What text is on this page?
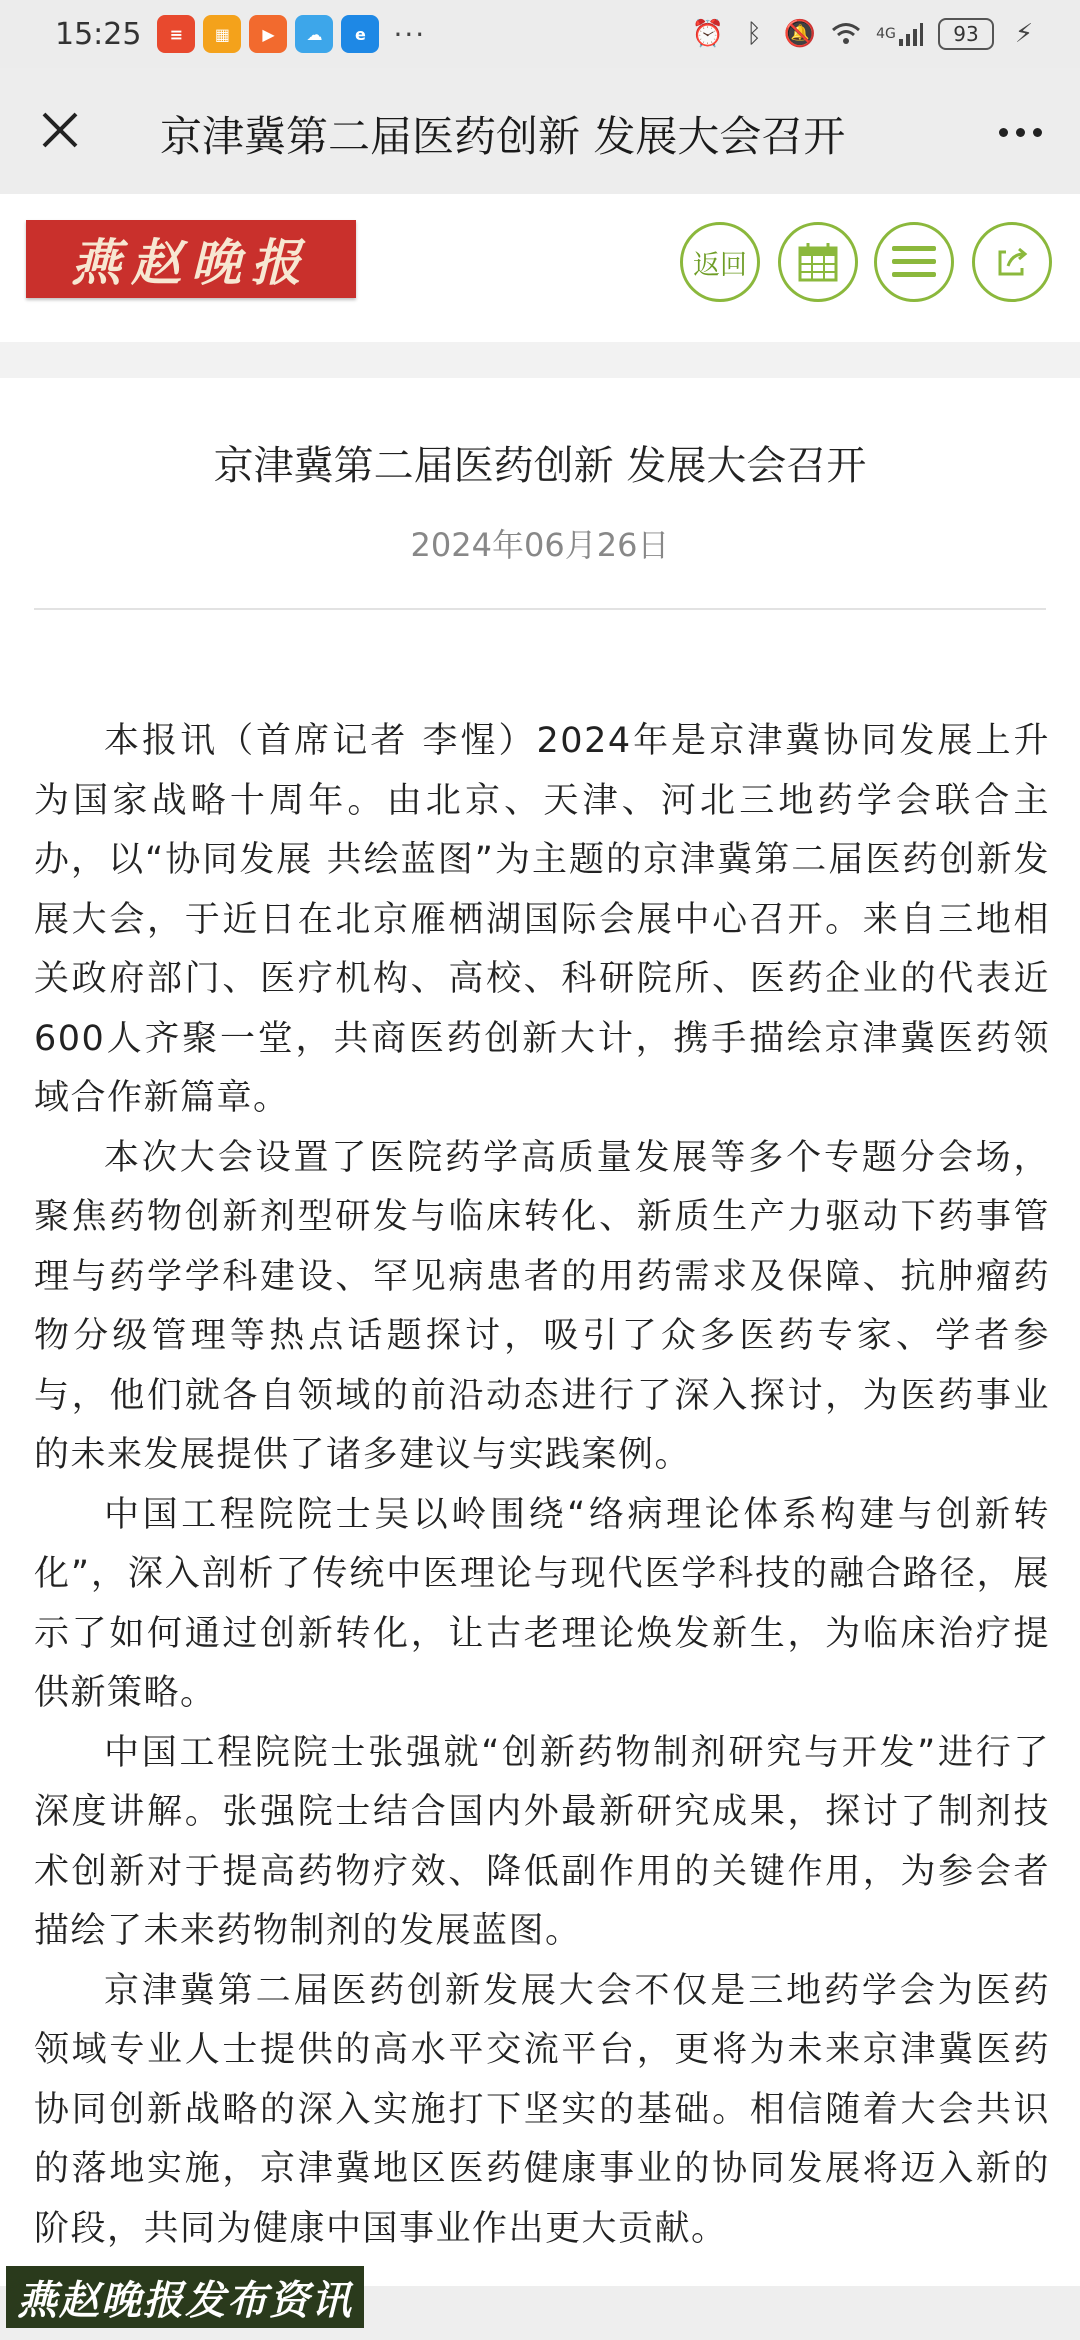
15:25	≡	▦	▶	☁	e ···	⏰ ᛒ 🔕	4G	93 ⚡
京津冀第二届医药创新 发展大会召开
燕赵晚报	返回
京津冀第二届医药创新 发展大会召开
2024年06月26日

本报讯（首席记者 李惺）2024年是京津冀协同发展上升为国家战略十周年。由北京、天津、河北三地药学会联合主办，以“协同发展 共绘蓝图”为主题的京津冀第二届医药创新发展大会，于近日在北京雁栖湖国际会展中心召开。来自三地相关政府部门、医疗机构、高校、科研院所、医药企业的代表近600人齐聚一堂，共商医药创新大计，携手描绘京津冀医药领域合作新篇章。

本次大会设置了医院药学高质量发展等多个专题分会场，聚焦药物创新剂型研发与临床转化、新质生产力驱动下药事管理与药学学科建设、罕见病患者的用药需求及保障、抗肿瘤药物分级管理等热点话题探讨，吸引了众多医药专家、学者参与，他们就各自领域的前沿动态进行了深入探讨，为医药事业的未来发展提供了诸多建议与实践案例。

中国工程院院士吴以岭围绕“络病理论体系构建与创新转化”，深入剖析了传统中医理论与现代医学科技的融合路径，展示了如何通过创新转化，让古老理论焕发新生，为临床治疗提供新策略。

中国工程院院士张强就“创新药物制剂研究与开发”进行了深度讲解。张强院士结合国内外最新研究成果，探讨了制剂技术创新对于提高药物疗效、降低副作用的关键作用，为参会者描绘了未来药物制剂的发展蓝图。

京津冀第二届医药创新发展大会不仅是三地药学会为医药领域专业人士提供的高水平交流平台，更将为未来京津冀医药协同创新战略的深入实施打下坚实的基础。相信随着大会共识的落地实施，京津冀地区医药健康事业的协同发展将迈入新的阶段，共同为健康中国事业作出更大贡献。

燕赵晚报发布资讯
